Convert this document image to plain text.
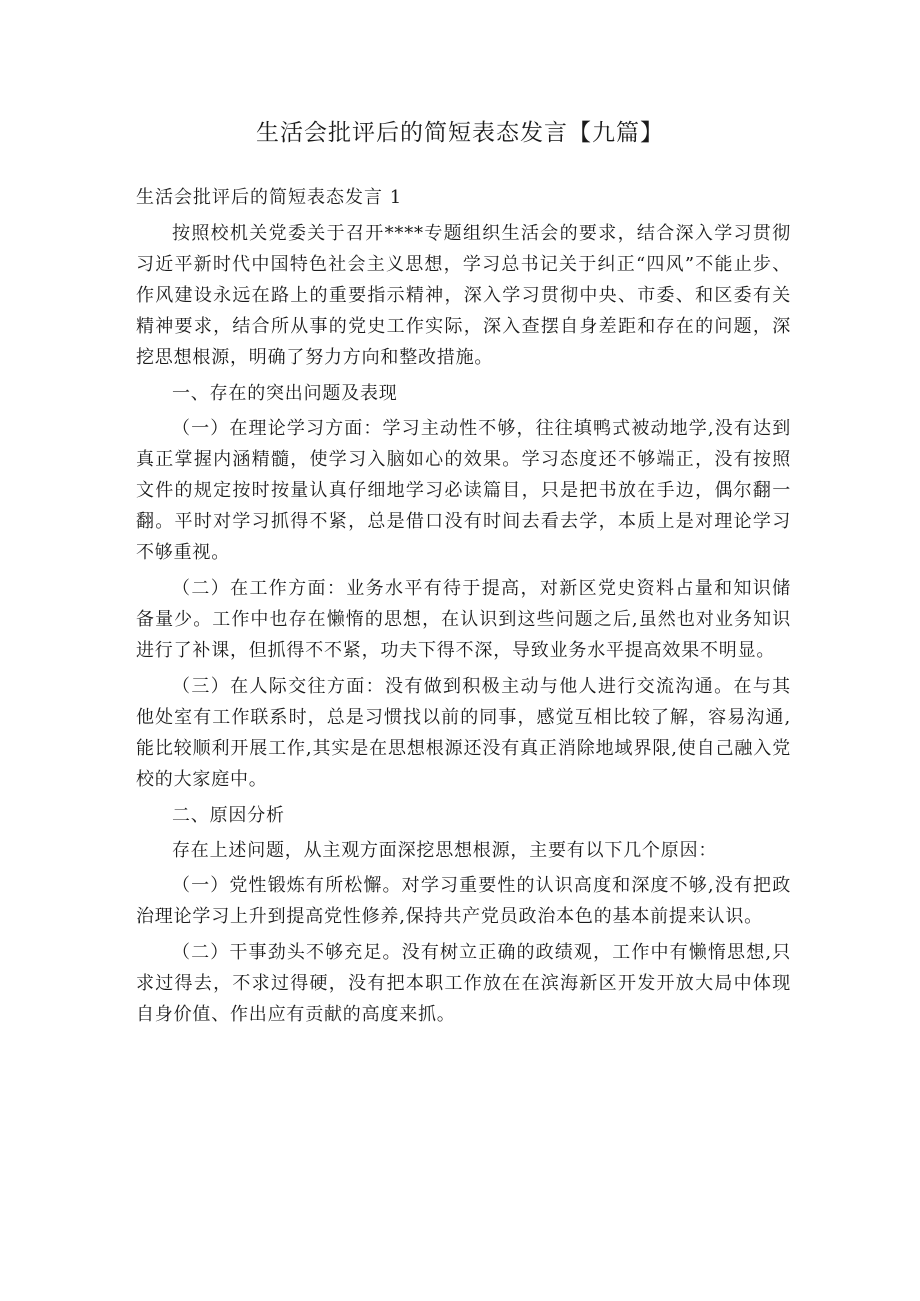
生活会批评后的简短表态发言【九篇】

生活会批评后的简短表态发言 1

按照校机关党委关于召开****专题组织生活会的要求，结合深入学习贯彻习近平新时代中国特色社会主义思想，学习总书记关于纠正“四风”不能止步、作风建设永远在路上的重要指示精神，深入学习贯彻中央、市委、和区委有关精神要求，结合所从事的党史工作实际，深入查摆自身差距和存在的问题，深挖思想根源，明确了努力方向和整改措施。

一、存在的突出问题及表现

（一）在理论学习方面：学习主动性不够，往往填鸭式被动地学,没有达到真正掌握内涵精髓，使学习入脑如心的效果。学习态度还不够端正，没有按照文件的规定按时按量认真仔细地学习必读篇目，只是把书放在手边，偶尔翻一翻。平时对学习抓得不紧，总是借口没有时间去看去学，本质上是对理论学习不够重视。

（二）在工作方面：业务水平有待于提高，对新区党史资料占量和知识储备量少。工作中也存在懒惰的思想，在认识到这些问题之后,虽然也对业务知识进行了补课，但抓得不不紧，功夫下得不深，导致业务水平提高效果不明显。

（三）在人际交往方面：没有做到积极主动与他人进行交流沟通。在与其他处室有工作联系时，总是习惯找以前的同事，感觉互相比较了解，容易沟通,能比较顺利开展工作,其实是在思想根源还没有真正消除地域界限,使自己融入党校的大家庭中。

二、原因分析

存在上述问题，从主观方面深挖思想根源，主要有以下几个原因：

（一）党性锻炼有所松懈。对学习重要性的认识高度和深度不够,没有把政治理论学习上升到提高党性修养,保持共产党员政治本色的基本前提来认识。

（二）干事劲头不够充足。没有树立正确的政绩观，工作中有懒惰思想,只求过得去，不求过得硬，没有把本职工作放在在滨海新区开发开放大局中体现自身价值、作出应有贡献的高度来抓。
